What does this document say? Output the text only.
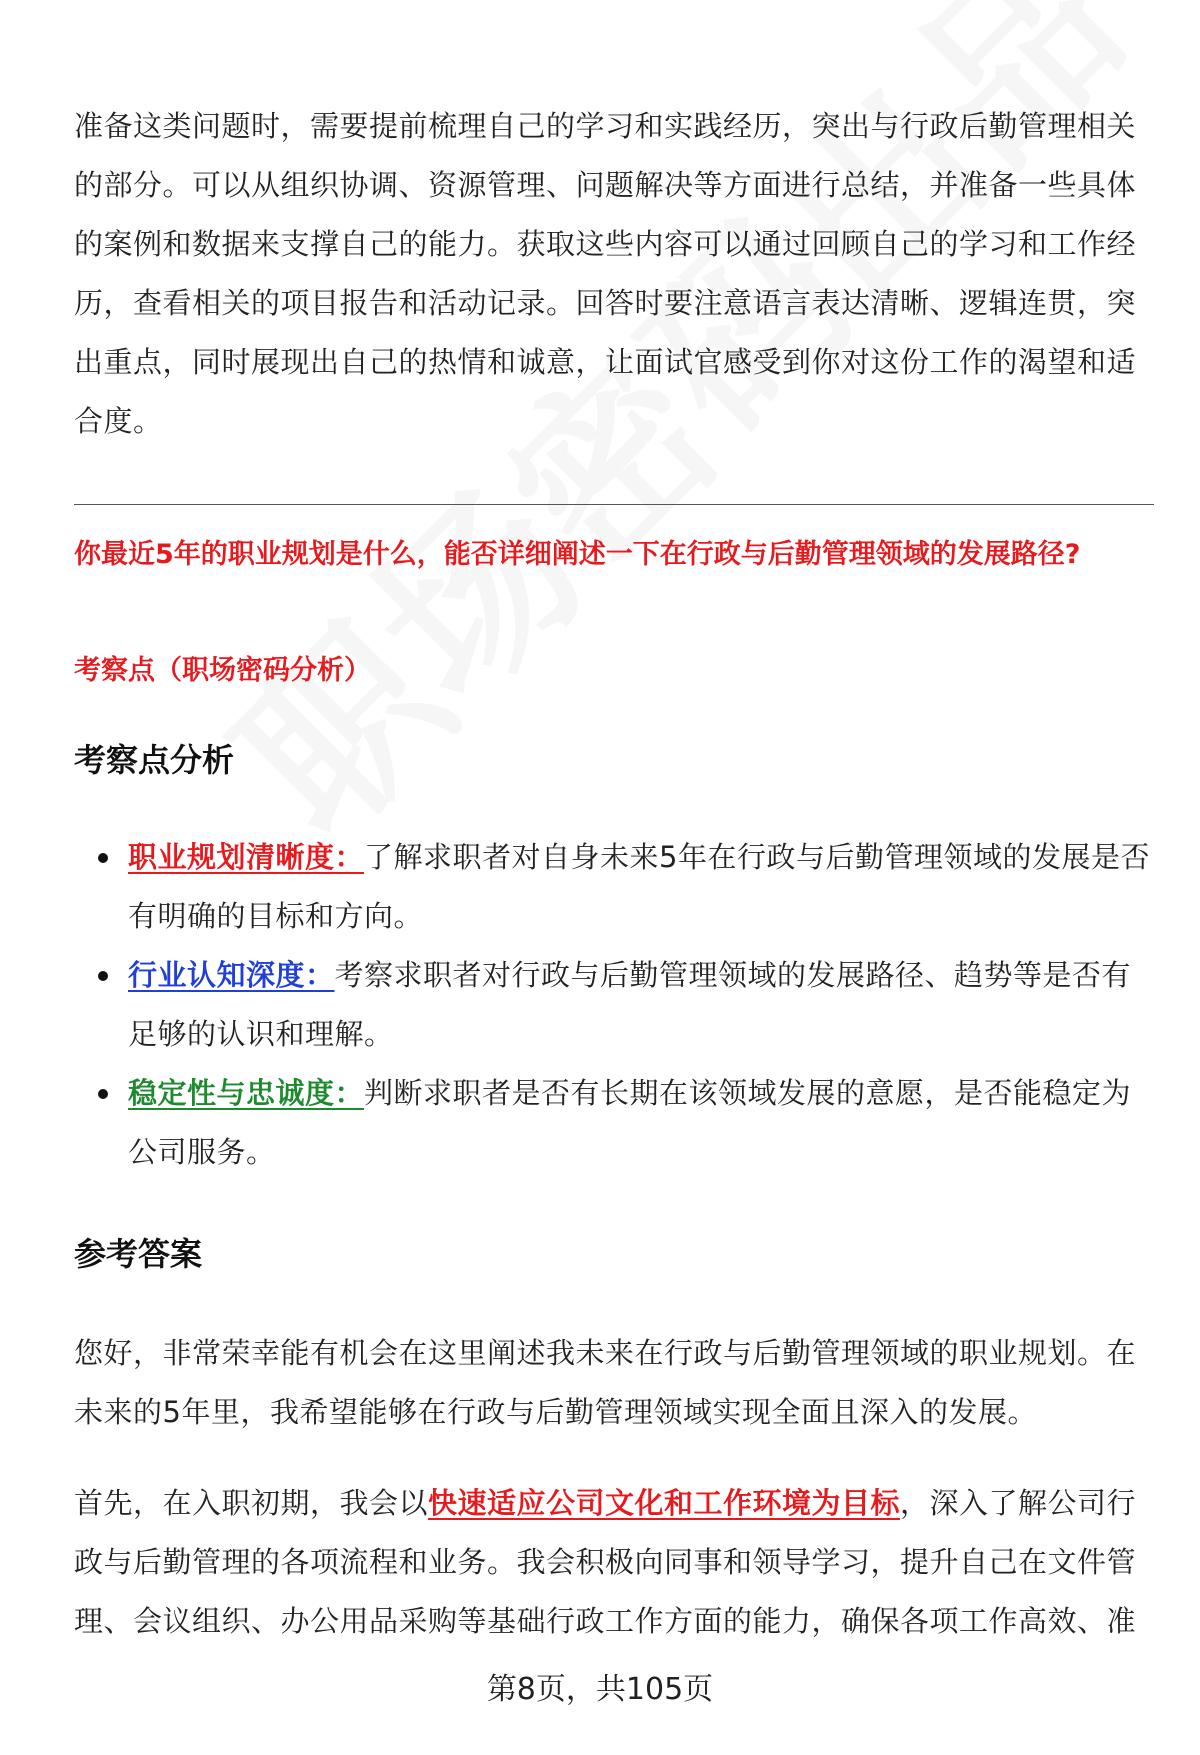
准备这类问题时，需要提前梳理自己的学习和实践经历，突出与行政后勤管理相关的部分。可以从组织协调、资源管理、问题解决等方面进行总结，并准备一些具体的案例和数据来支撑自己的能力。获取这些内容可以通过回顾自己的学习和工作经历，查看相关的项目报告和活动记录。回答时要注意语言表达清晰、逻辑连贯，突出重点，同时展现出自己的热情和诚意，让面试官感受到你对这份工作的渴望和适合度。

你最近5年的职业规划是什么，能否详细阐述一下在行政与后勤管理领域的发展路径?

考察点（职场密码分析）

考察点分析
职业规划清晰度：了解求职者对自身未来5年在行政与后勤管理领域的发展是否有明确的目标和方向。
行业认知深度：考察求职者对行政与后勤管理领域的发展路径、趋势等是否有足够的认识和理解。
稳定性与忠诚度：判断求职者是否有长期在该领域发展的意愿，是否能稳定为公司服务。
参考答案

您好，非常荣幸能有机会在这里阐述我未来在行政与后勤管理领域的职业规划。在未来的5年里，我希望能够在行政与后勤管理领域实现全面且深入的发展。

首先，在入职初期，我会以快速适应公司文化和工作环境为目标，深入了解公司行政与后勤管理的各项流程和业务。我会积极向同事和领导学习，提升自己在文件管理、会议组织、办公用品采购等基础行政工作方面的能力，确保各项工作高效、准

第8页，共105页
